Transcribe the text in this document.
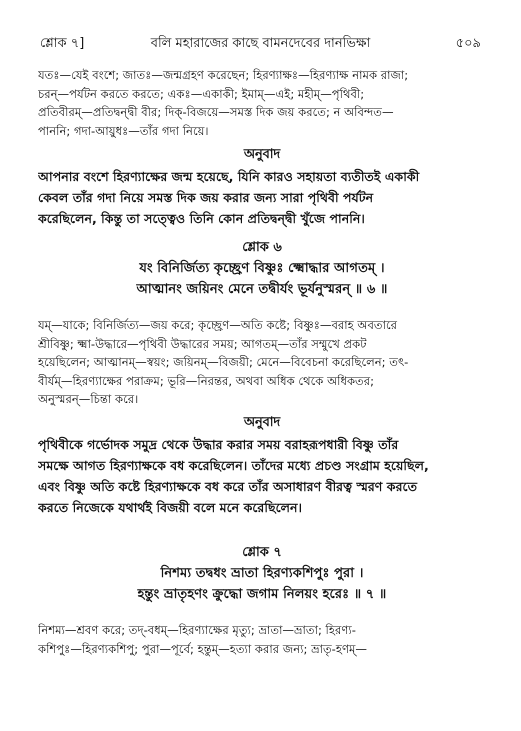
শ্লোক ৭]	বলি মহারাজের কাছে বামনদেবের দানভিক্ষা	৫০৯
যতঃ—যেই বংশে; জাতঃ—জন্মগ্রহণ করেছেন; হিরণ্যাক্ষঃ—হিরণ্যাক্ষ নামক রাজা;
চরন্—পর্যটন করতে করতে; একঃ—একাকী; ইমাম্—এই; মহীম্—পৃথিবী;
প্রতিবীরম্—প্রতিদ্বন্দ্বী বীর; দিক্-বিজয়ে—সমস্ত দিক জয় করতে; ন অবিন্দত—
পাননি; গদা-আয়ুধঃ—তাঁর গদা নিয়ে।
অনুবাদ
আপনার বংশে হিরণ্যাক্ষের জন্ম হয়েছে, যিনি কারও সহায়তা ব্যতীতই একাকী
কেবল তাঁর গদা নিয়ে সমস্ত দিক জয় করার জন্য সারা পৃথিবী পর্যটন
করেছিলেন, কিন্তু তা সত্ত্বেও তিনি কোন প্রতিদ্বন্দ্বী খুঁজে পাননি।
শ্লোক ৬
যং বিনির্জিত্য কৃচ্ছ্রেণ বিষ্ণুঃ ক্ষ্মোদ্ধার আগতম্ ।
আত্মানং জয়িনং মেনে তদ্বীর্যং ভূর্যনুস্মরন্ ॥ ৬ ॥
যম্—যাকে; বিনির্জিত্য—জয় করে; কৃচ্ছ্রেণ—অতি কষ্টে; বিষ্ণুঃ—বরাহ অবতারে
শ্রীবিষ্ণু; ক্ষ্মা-উদ্ধারে—পৃথিবী উদ্ধারের সময়; আগতম্—তাঁর সম্মুখে প্রকট
হয়েছিলেন; আত্মানম্—স্বয়ং; জয়িনম্—বিজয়ী; মেনে—বিবেচনা করেছিলেন; তৎ-
বীর্যম্—হিরণ্যাক্ষের পরাক্রম; ভূরি—নিরন্তর, অথবা অধিক থেকে অধিকতর;
অনুস্মরন্—চিন্তা করে।
অনুবাদ
পৃথিবীকে গর্ভোদক সমুদ্র থেকে উদ্ধার করার সময় বরাহরূপধারী বিষ্ণু তাঁর
সমক্ষে আগত হিরণ্যাক্ষকে বধ করেছিলেন। তাঁদের মধ্যে প্রচণ্ড সংগ্রাম হয়েছিল,
এবং বিষ্ণু অতি কষ্টে হিরণ্যাক্ষকে বধ করে তাঁর অসাধারণ বীরত্ব স্মরণ করতে
করতে নিজেকে যথার্থই বিজয়ী বলে মনে করেছিলেন।
শ্লোক ৭
নিশম্য তদ্বধং ভ্রাতা হিরণ্যকশিপুঃ পুরা ।
হন্তুং ভ্রাতৃহণং ক্রুদ্ধো জগাম নিলয়ং হরেঃ ॥ ৭ ॥
নিশম্য—শ্রবণ করে; তদ্-বধম্—হিরণ্যাক্ষের মৃত্যু; ভ্রাতা—ভ্রাতা; হিরণ্য-
কশিপুঃ—হিরণ্যকশিপু; পুরা—পূর্বে; হন্তুম্—হত্যা করার জন্য; ভ্রাতৃ-হণম্—
